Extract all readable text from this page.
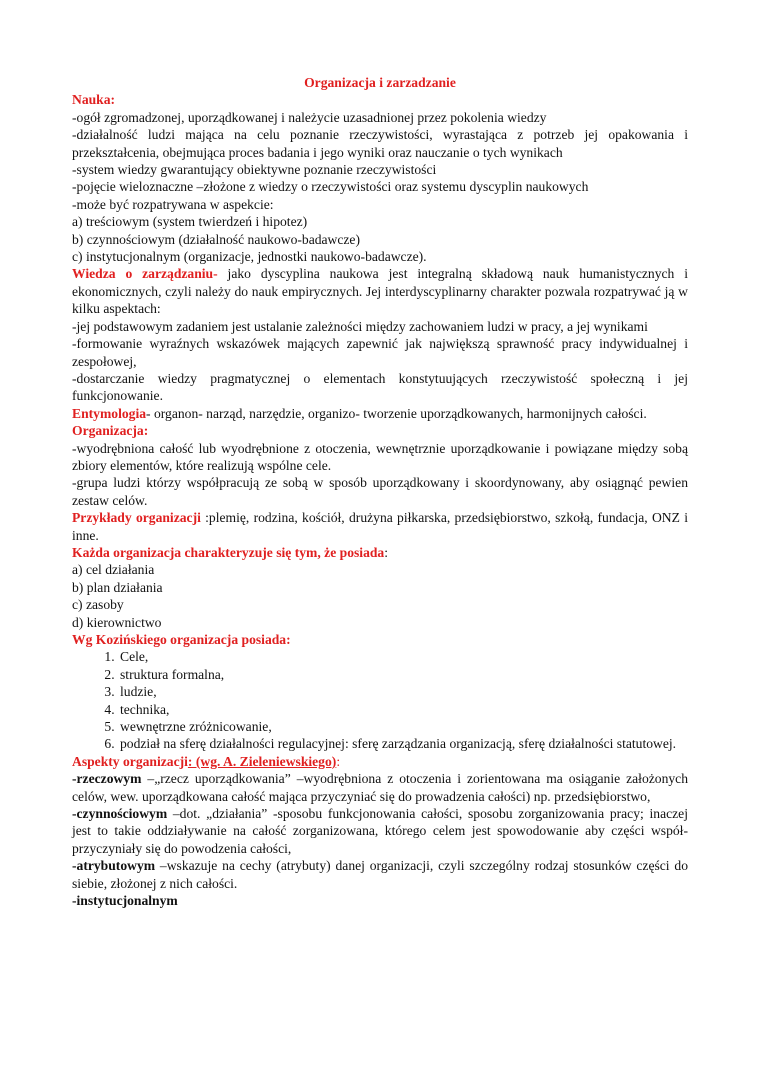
Organizacja i zarzadzanie

Nauka:

-ogół zgromadzonej, uporządkowanej i należycie uzasadnionej przez pokolenia wiedzy

-działalność ludzi mająca na celu poznanie rzeczywistości, wyrastająca z potrzeb jej opakowania i przekształcenia, obejmująca proces badania i jego wyniki oraz nauczanie o tych wynikach

-system wiedzy gwarantujący obiektywne poznanie rzeczywistości

-pojęcie wieloznaczne –złożone z wiedzy o rzeczywistości oraz systemu dyscyplin naukowych

-może być rozpatrywana w aspekcie:

a) treściowym (system twierdzeń i hipotez)

b) czynnościowym (działalność naukowo-badawcze)

c) instytucjonalnym (organizacje, jednostki naukowo-badawcze).

Wiedza o zarządzaniu- jako dyscyplina naukowa jest integralną składową nauk humanistycznych i ekonomicznych, czyli należy do nauk empirycznych. Jej interdyscyplinarny charakter pozwala rozpatrywać ją w kilku aspektach:

-jej podstawowym zadaniem jest ustalanie zależności między zachowaniem ludzi w pracy, a jej wynikami

-formowanie wyraźnych wskazówek mających zapewnić jak największą sprawność pracy indywidualnej i zespołowej,

-dostarczanie wiedzy pragmatycznej o elementach konstytuujących rzeczywistość społeczną i jej funkcjonowanie.

Entymologia- organon- narząd, narzędzie, organizo- tworzenie uporządkowanych, harmonijnych całości.

Organizacja:

-wyodrębniona całość lub wyodrębnione z otoczenia, wewnętrznie uporządkowanie i powiązane między sobą zbiory elementów, które realizują wspólne cele.

-grupa ludzi którzy współpracują ze sobą w sposób uporządkowany i skoordynowany, aby osiągnąć pewien zestaw celów.

Przykłady organizacji :plemię, rodzina, kościół, drużyna piłkarska, przedsiębiorstwo, szkołą, fundacja, ONZ i inne.

Każda organizacja charakteryzuje się tym, że posiada:

a) cel działania

b) plan działania

c) zasoby

d) kierownictwo

Wg Kozińskiego organizacja posiada:

1. Cele,
2. struktura formalna,
3. ludzie,
4. technika,
5. wewnętrzne zróżnicowanie,
6. podział na sferę działalności regulacyjnej: sferę zarządzania organizacją, sferę działalności statutowej.

Aspekty organizacji: (wg. A. Zieleniewskiego):

-rzeczowym –„rzecz uporządkowania” –wyodrębniona z otoczenia i zorientowana ma osiąganie założonych celów, wew. uporządkowana całość mająca przyczyniać się do prowadzenia całości) np. przedsiębiorstwo,

-czynnościowym –dot. „działania” -sposobu funkcjonowania całości, sposobu zorganizowania pracy; inaczej jest to takie oddziaływanie na całość zorganizowana, którego celem jest spowodowanie aby części współ-przyczyniały się do powodzenia całości,

-atrybutowym –wskazuje na cechy (atrybuty) danej organizacji, czyli szczególny rodzaj stosunków części do siebie, złożonej z nich całości.

-instytucjonalnym
